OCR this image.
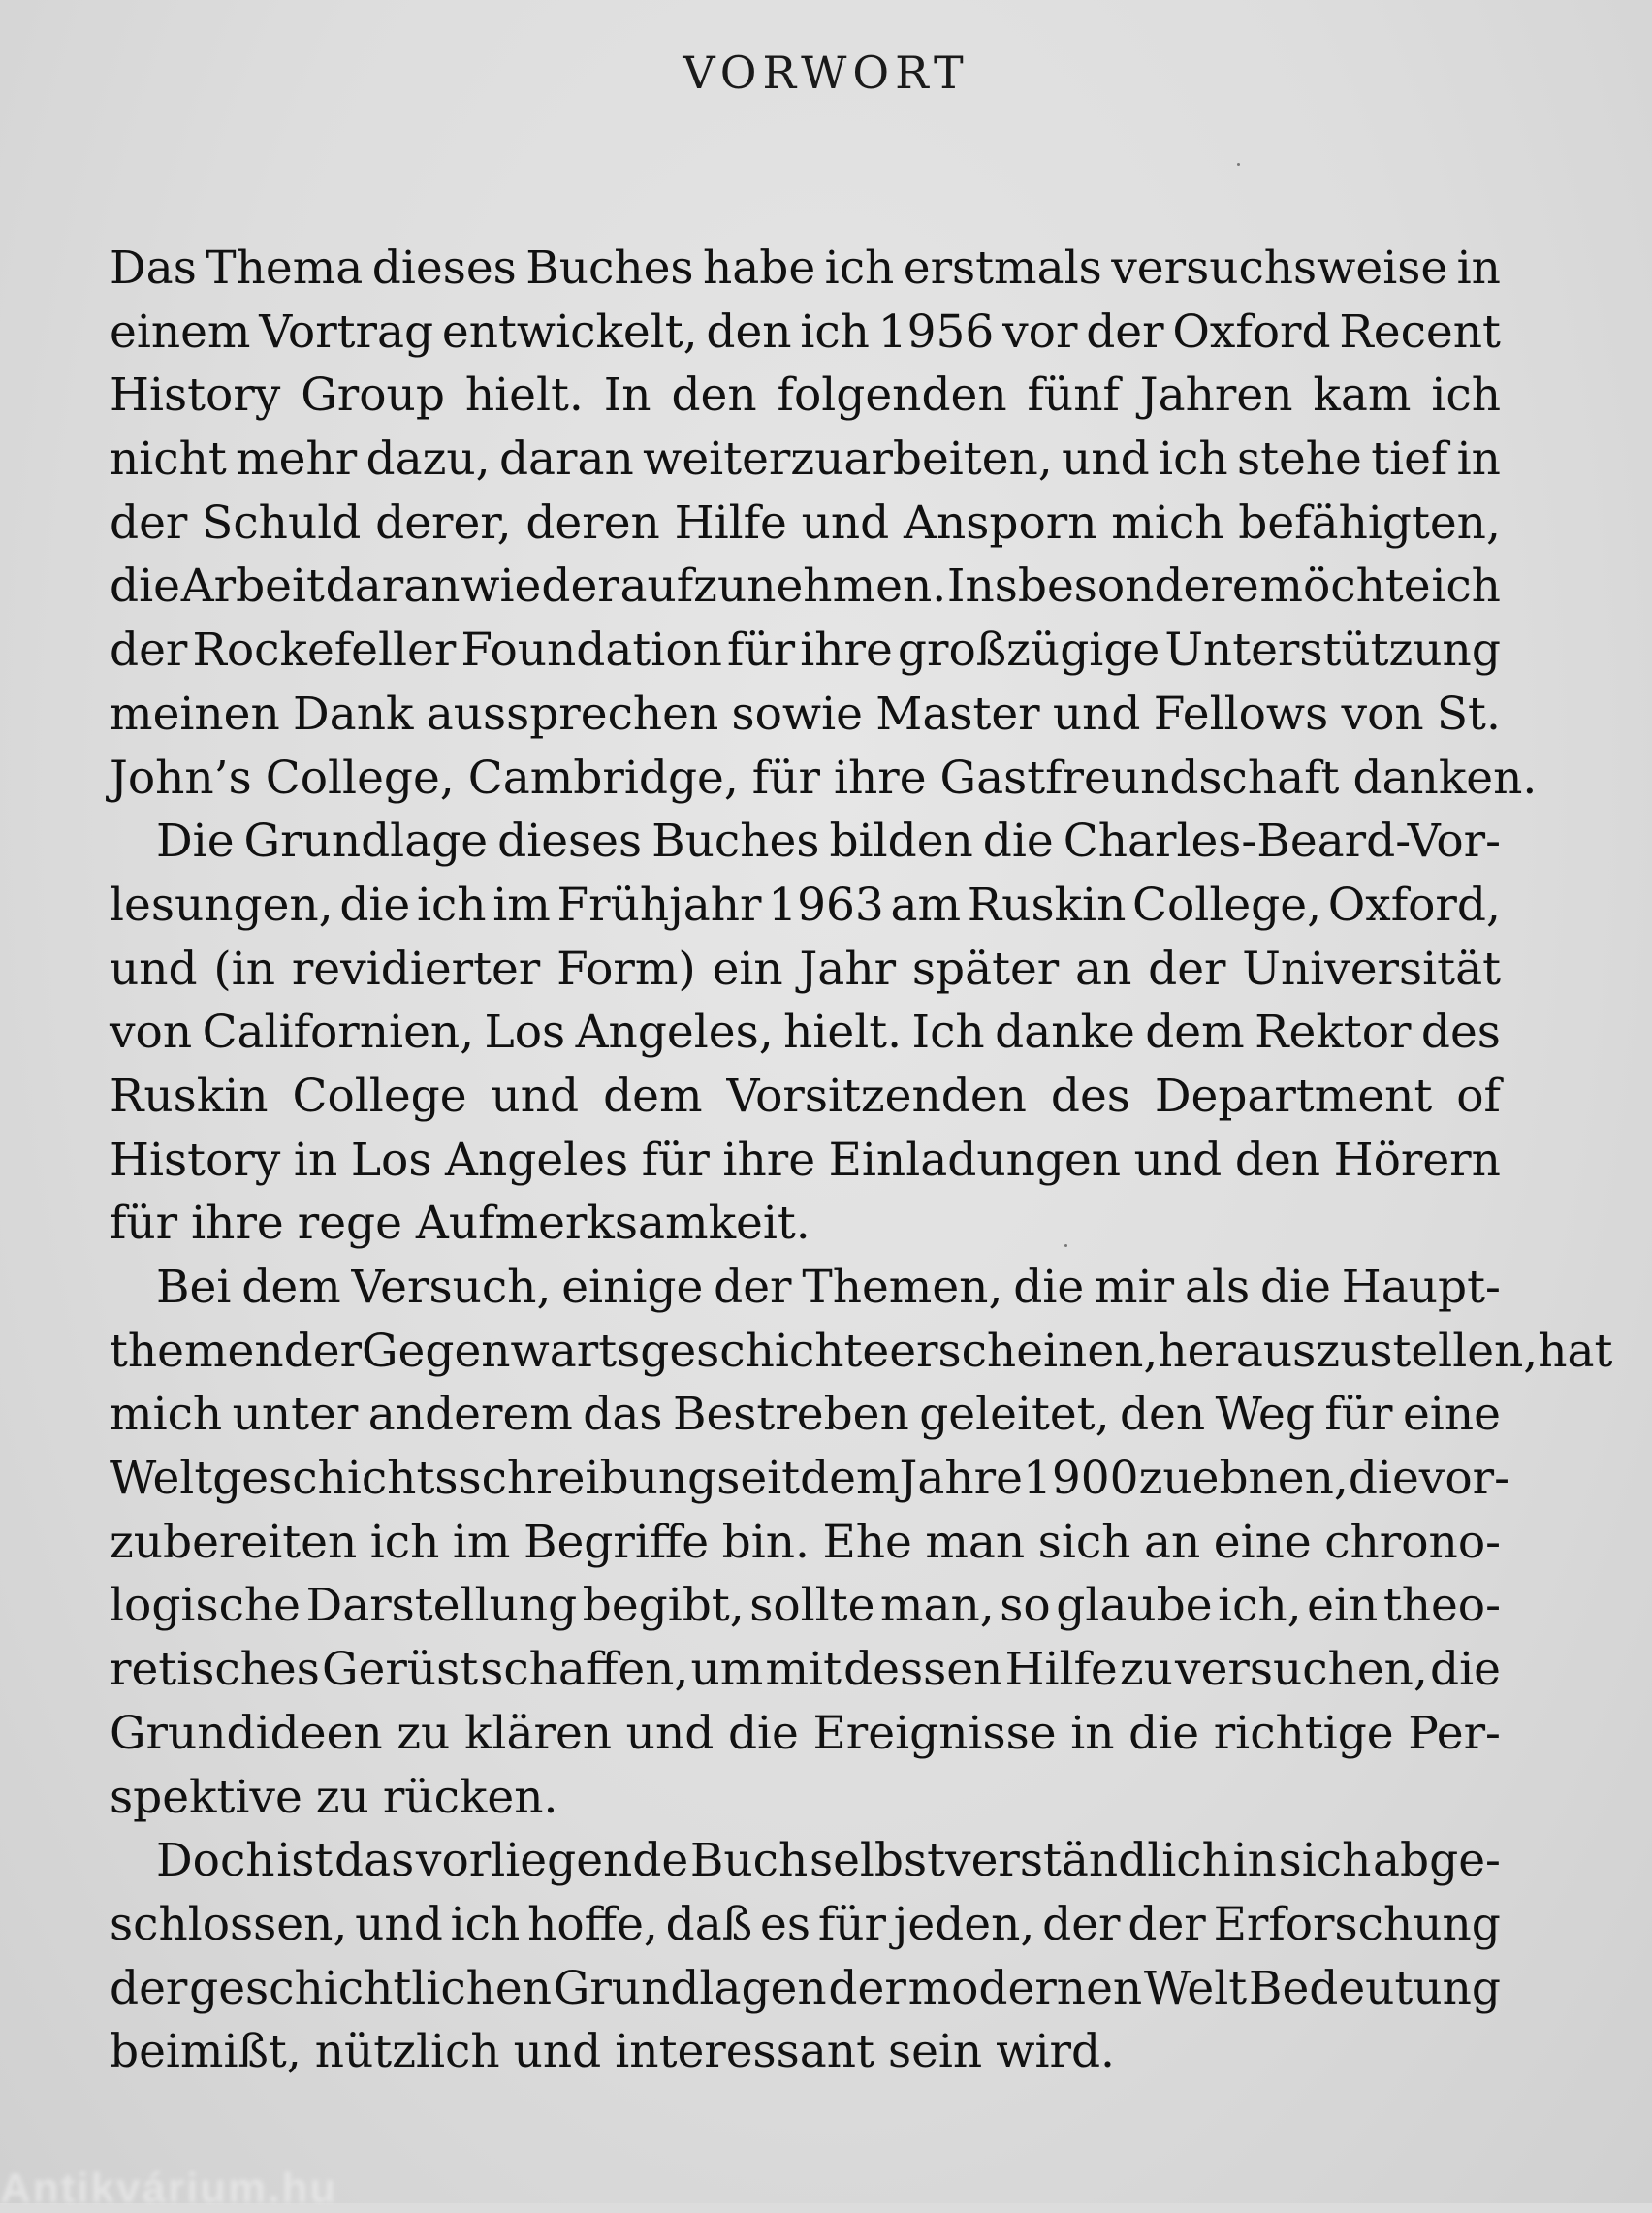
VORWORT
Das Thema dieses Buches habe ich erstmals versuchsweise in
einem Vortrag entwickelt, den ich 1956 vor der Oxford Recent
History Group hielt. In den folgenden fünf Jahren kam ich
nicht mehr dazu, daran weiterzuarbeiten, und ich stehe tief in
der Schuld derer, deren Hilfe und Ansporn mich befähigten,
die Arbeit daran wieder aufzunehmen. Insbesondere möchte ich
der Rockefeller Foundation für ihre großzügige Unterstützung
meinen Dank aussprechen sowie Master und Fellows von St.
John’s College, Cambridge, für ihre Gastfreundschaft danken.
Die Grundlage dieses Buches bilden die Charles-Beard-Vor-
lesungen, die ich im Frühjahr 1963 am Ruskin College, Oxford,
und (in revidierter Form) ein Jahr später an der Universität
von Californien, Los Angeles, hielt. Ich danke dem Rektor des
Ruskin College und dem Vorsitzenden des Department of
History in Los Angeles für ihre Einladungen und den Hörern
für ihre rege Aufmerksamkeit.
Bei dem Versuch, einige der Themen, die mir als die Haupt-
themen der Gegenwartsgeschichte erscheinen, herauszustellen, hat
mich unter anderem das Bestreben geleitet, den Weg für eine
Weltgeschichtsschreibung seit dem Jahre 1900 zu ebnen, die vor-
zubereiten ich im Begriffe bin. Ehe man sich an eine chrono-
logische Darstellung begibt, sollte man, so glaube ich, ein theo-
retisches Gerüst schaffen, um mit dessen Hilfe zu versuchen, die
Grundideen zu klären und die Ereignisse in die richtige Per-
spektive zu rücken.
Doch ist das vorliegende Buch selbstverständlich in sich abge-
schlossen, und ich hoffe, daß es für jeden, der der Erforschung
der geschichtlichen Grundlagen der modernen Welt Bedeutung
beimißt, nützlich und interessant sein wird.
Antikvárium.hu
